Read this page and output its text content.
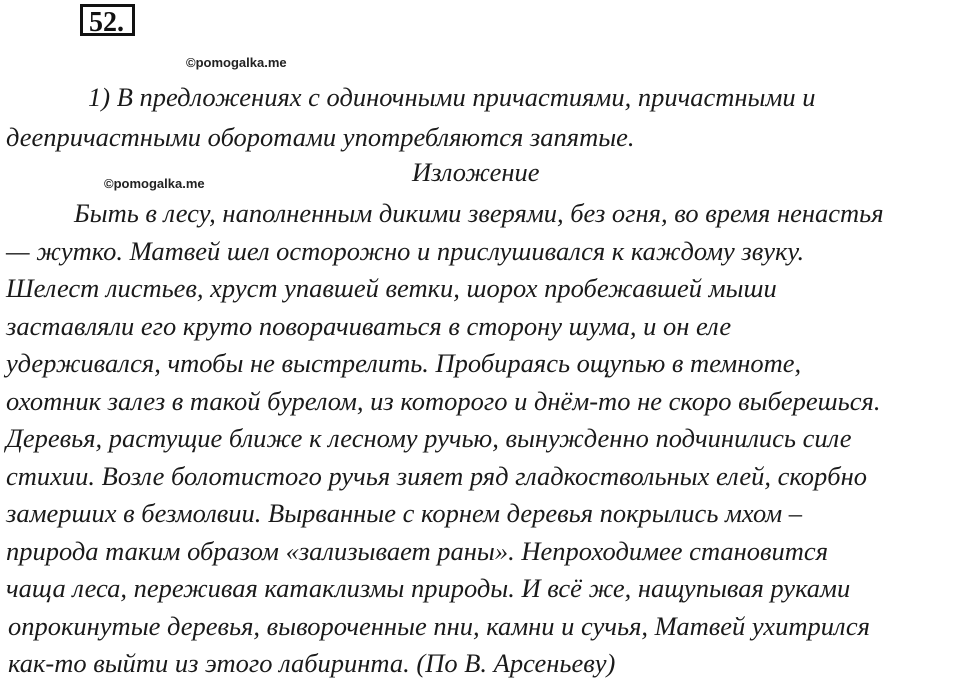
52.
©pomogalka.me

1) В предложениях с одиночными причастиями, причастными и

деепричастными оборотами употребляются запятые.

©pomogalka.me	Изложение

Быть в лесу, наполненным дикими зверями, без огня, во время ненастья

— жутко. Матвей шел осторожно и прислушивался к каждому звуку.

Шелест листьев, хруст упавшей ветки, шорох пробежавшей мыши

заставляли его круто поворачиваться в сторону шума, и он еле

удерживался, чтобы не выстрелить. Пробираясь ощупью в темноте,

охотник залез в такой бурелом, из которого и днём-то не скоро выберешься.

Деревья, растущие ближе к лесному ручью, вынужденно подчинились силе

стихии. Возле болотистого ручья зияет ряд гладкоствольных елей, скорбно

замерших в безмолвии. Вырванные с корнем деревья покрылись мхом –

природа таким образом «зализывает раны». Непроходимее становится

чаща леса, переживая катаклизмы природы. И всё же, нащупывая руками

опрокинутые деревья, вывороченные пни, камни и сучья, Матвей ухитрился

как-то выйти из этого лабиринта. (По В. Арсеньеву)
